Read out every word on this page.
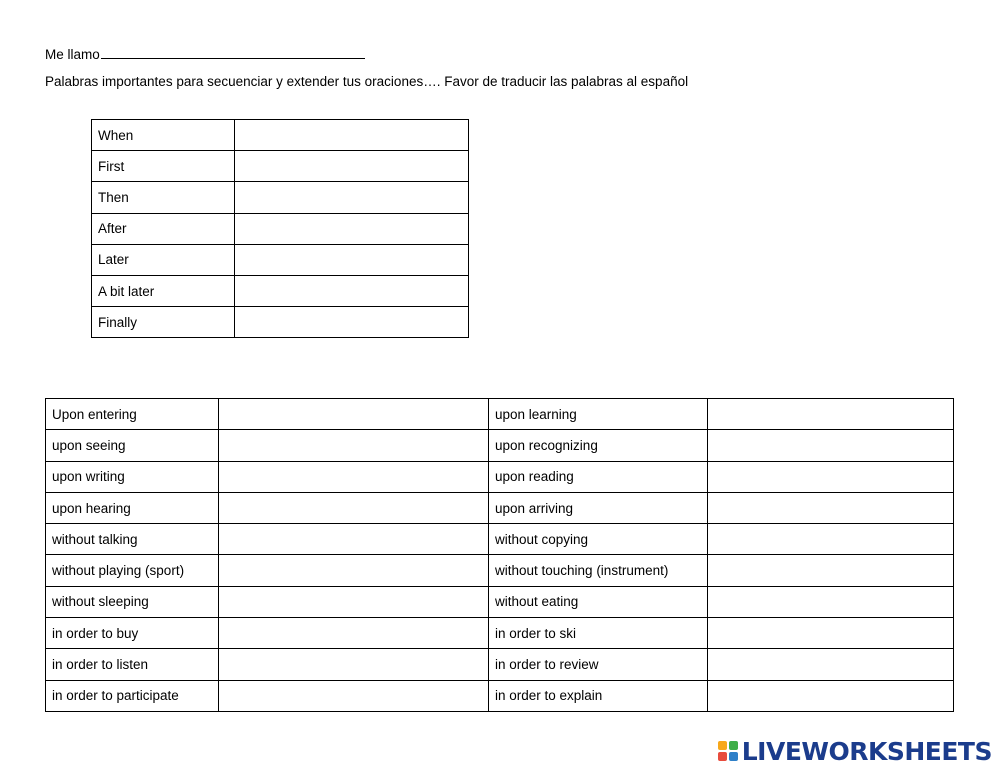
Me llamo
Palabras importantes para secuenciar y extender tus oraciones…. Favor de traducir las palabras al español
When	
First	
Then	
After	
Later	
A bit later	
Finally	
Upon entering		upon learning	
upon seeing		upon recognizing	
upon writing		upon reading	
upon hearing		upon arriving	
without talking		without copying	
without playing (sport)		without touching (instrument)	
without sleeping		without eating	
in order to buy		in order to ski	
in order to listen		in order to review	
in order to participate		in order to explain	
LIVEWORKSHEETS
